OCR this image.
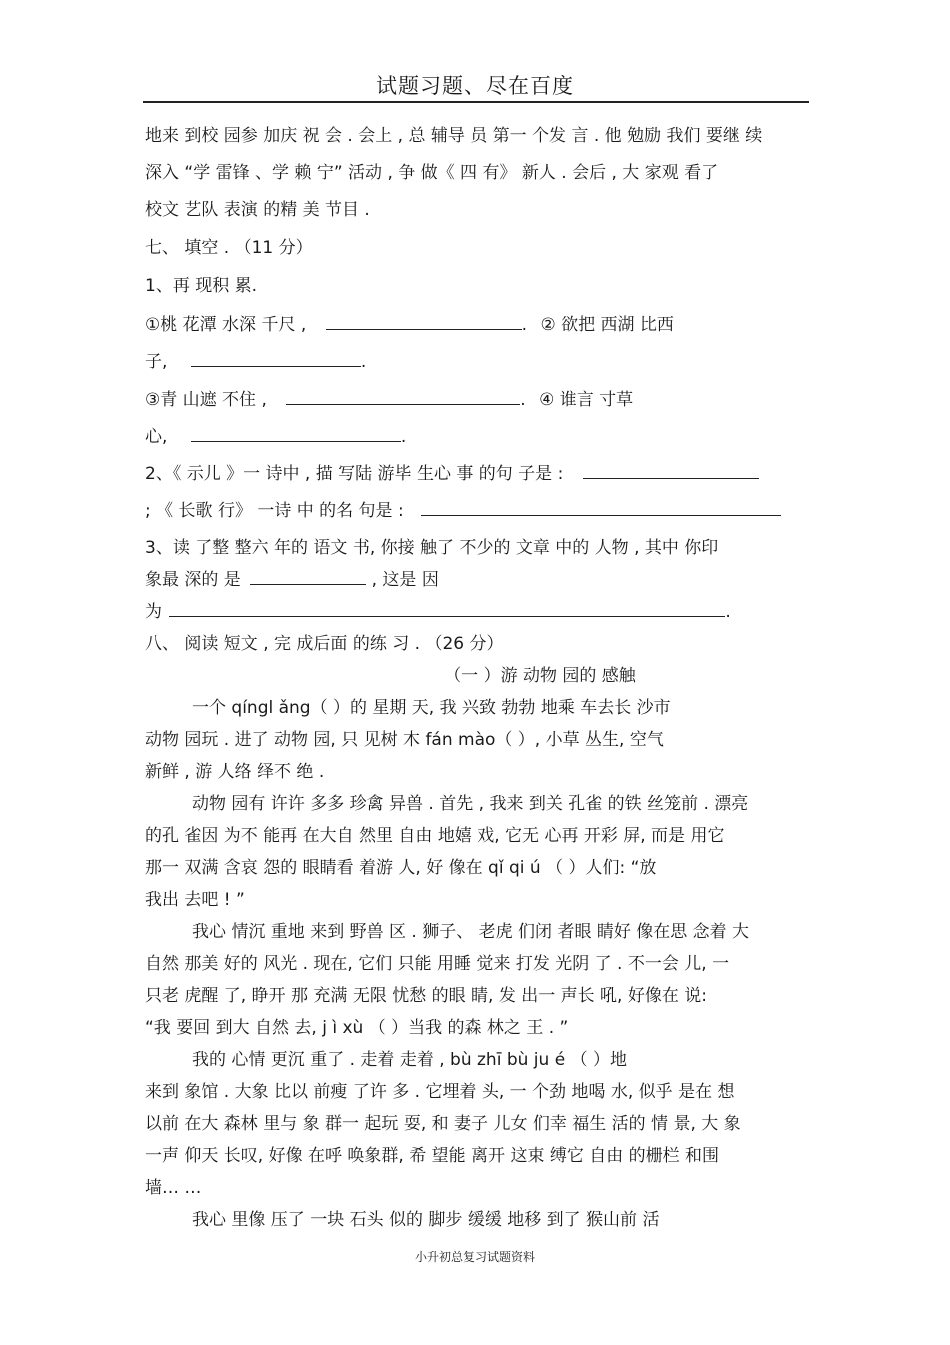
试题习题、尽在百度
地来 到校 园参 加庆 祝 会 . 会上 , 总 辅导 员 第一 个发 言 . 他 勉励 我们 要继 续
深入 “学 雷锋 、学 赖 宁” 活动 , 争 做《 四 有》 新人 . 会后 , 大 家观 看了
校文 艺队 表演 的精 美 节目 .
七、 填空 . （11 分）
1、再 现积 累.
①桃 花潭 水深 千尺 ,	. ② 欲把 西湖 比西
子,	.
③青 山遮 不住 ,	. ④ 谁言 寸草
心,	.
2、《 示儿 》一 诗中 , 描 写陆 游毕 生心 事 的句 子是 :
; 《 长歌 行》 一诗 中 的名 句是 :
3、读 了整 整六 年的 语文 书, 你接 触了 不少的 文章 中的 人物 , 其中 你印
象最 深的 是	, 这是 因
为	.
八、 阅读 短文 , 完 成后面 的练 习 . （26 分）
（一 ）游 动物 园的 感触
一个 qíngl ǎng（ ）的 星期 天, 我 兴致 勃勃 地乘 车去长 沙市
动物 园玩 . 进了 动物 园, 只 见树 木 fán mào（ ）, 小草 丛生, 空气
新鲜 , 游 人络 绎不 绝 .
动物 园有 许许 多多 珍禽 异兽 . 首先 , 我来 到关 孔雀 的铁 丝笼前 . 漂亮
的孔 雀因 为不 能再 在大自 然里 自由 地嬉 戏, 它无 心再 开彩 屏, 而是 用它
那一 双满 含哀 怨的 眼睛看 着游 人, 好 像在 qǐ qi ú （ ）人们: “放
我出 去吧 ! ”
我心 情沉 重地 来到 野兽 区 . 狮子、 老虎 们闭 者眼 睛好 像在思 念着 大
自然 那美 好的 风光 . 现在, 它们 只能 用睡 觉来 打发 光阴 了 . 不一会 儿, 一
只老 虎醒 了, 睁开 那 充满 无限 忧愁 的眼 睛, 发 出一 声长 吼, 好像在 说:
“我 要回 到大 自然 去, j ì xù （ ）当我 的森 林之 王 . ”
我的 心情 更沉 重了 . 走着 走着 , bù zhī bù ju é （ ）地
来到 象馆 . 大象 比以 前瘦 了许 多 . 它埋着 头, 一 个劲 地喝 水, 似乎 是在 想
以前 在大 森林 里与 象 群一 起玩 耍, 和 妻子 儿女 们幸 福生 活的 情 景, 大 象
一声 仰天 长叹, 好像 在呼 唤象群, 希 望能 离开 这束 缚它 自由 的栅栏 和围
墙… …
我心 里像 压了 一块 石头 似的 脚步 缓缓 地移 到了 猴山前 活
小升初总复习试题资料
